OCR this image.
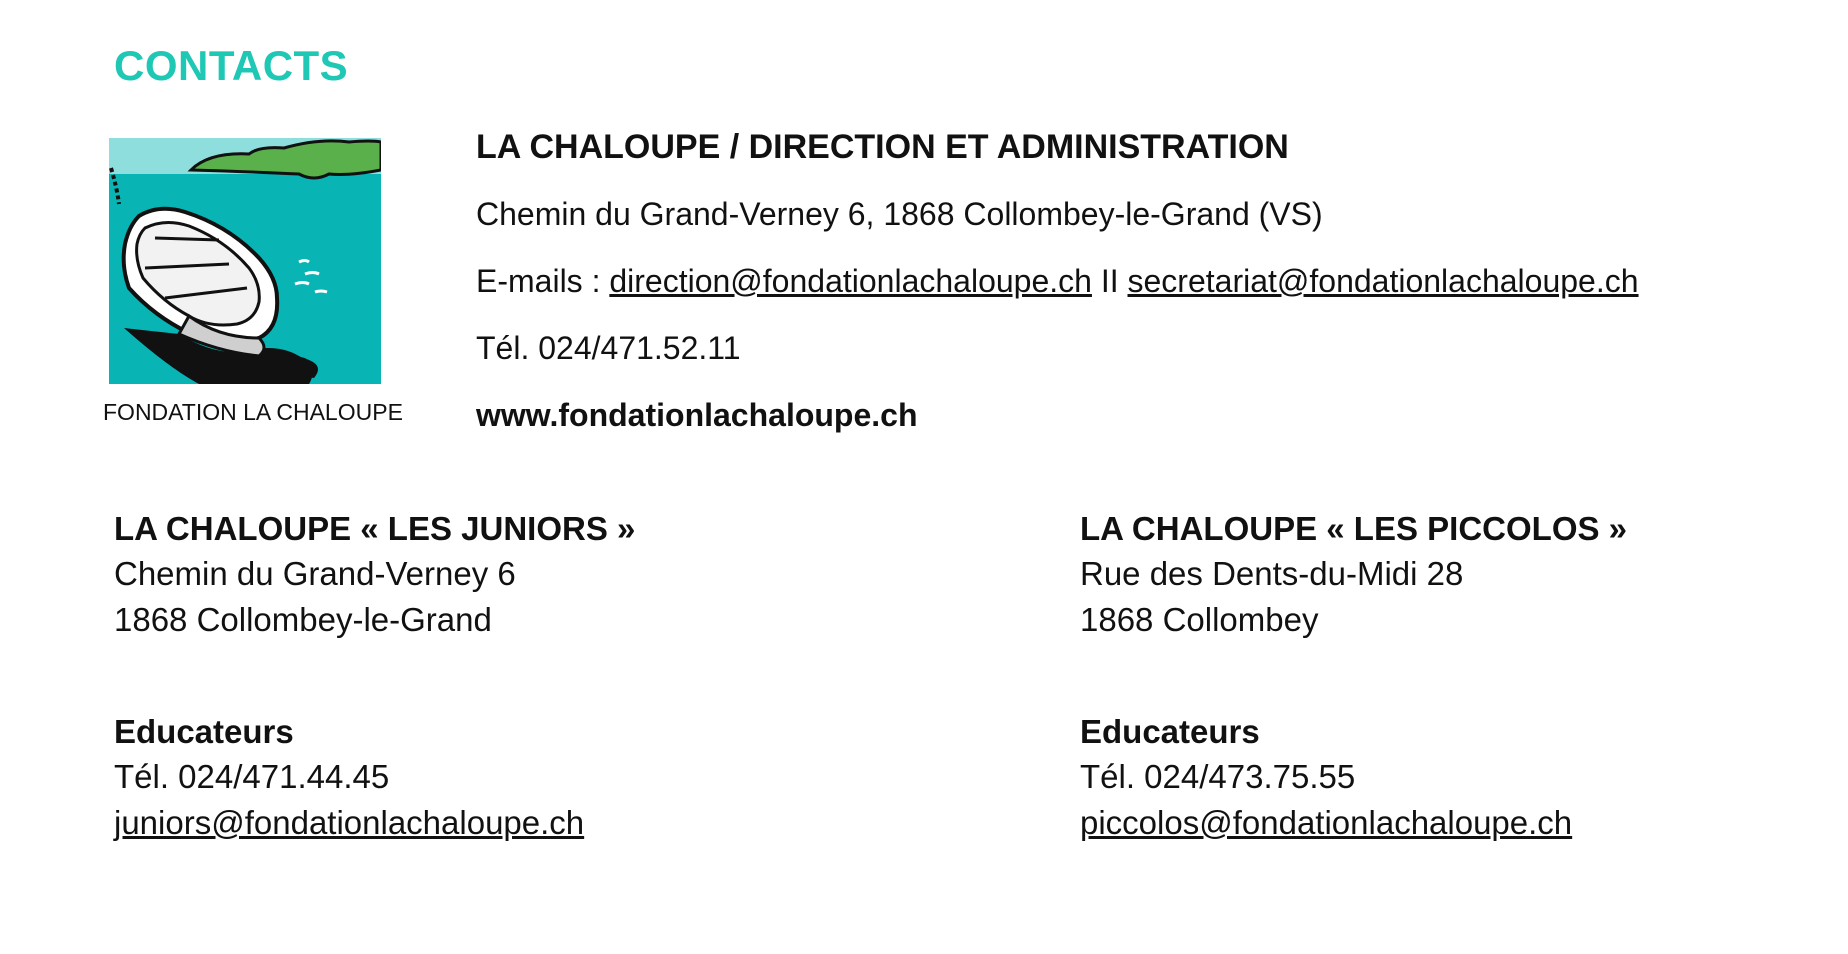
CONTACTS
FONDATION LA CHALOUPE
LA CHALOUPE / DIRECTION ET ADMINISTRATION
Chemin du Grand-Verney 6, 1868 Collombey-le-Grand (VS)
E-mails : direction@fondationlachaloupe.ch II secretariat@fondationlachaloupe.ch
Tél. 024/471.52.11
www.fondationlachaloupe.ch
LA CHALOUPE « LES JUNIORS »
Chemin du Grand-Verney 6
1868 Collombey-le-Grand
Educateurs
Tél. 024/471.44.45
juniors@fondationlachaloupe.ch
LA CHALOUPE « LES PICCOLOS »
Rue des Dents-du-Midi 28
1868 Collombey
Educateurs
Tél. 024/473.75.55
piccolos@fondationlachaloupe.ch
